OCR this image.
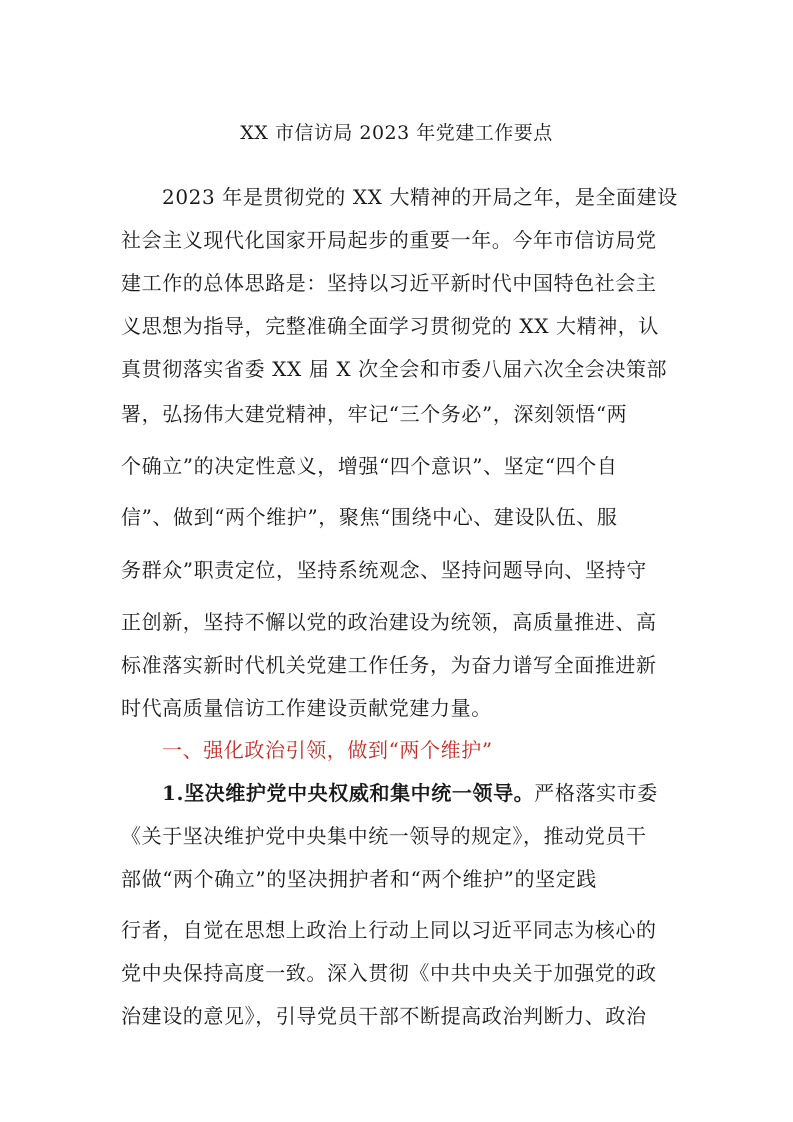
XX 市信访局 2023 年党建工作要点
2023 年是贯彻党的 XX 大精神的开局之年，是全面建设
社会主义现代化国家开局起步的重要一年。今年市信访局党
建工作的总体思路是：坚持以习近平新时代中国特色社会主
义思想为指导，完整准确全面学习贯彻党的 XX 大精神，认
真贯彻落实省委 XX 届 X 次全会和市委八届六次全会决策部
署，弘扬伟大建党精神，牢记“三个务必”，深刻领悟“两
个确立”的决定性意义，增强“四个意识”、坚定“四个自
信”、做到“两个维护”，聚焦“围绕中心、建设队伍、服
务群众”职责定位，坚持系统观念、坚持问题导向、坚持守
正创新，坚持不懈以党的政治建设为统领，高质量推进、高
标准落实新时代机关党建工作任务，为奋力谱写全面推进新
时代高质量信访工作建设贡献党建力量。
一、强化政治引领，做到“两个维护”
1.坚决维护党中央权威和集中统一领导。严格落实市委
《关于坚决维护党中央集中统一领导的规定》，推动党员干
部做“两个确立”的坚决拥护者和“两个维护”的坚定践
行者，自觉在思想上政治上行动上同以习近平同志为核心的
党中央保持高度一致。深入贯彻《中共中央关于加强党的政
治建设的意见》，引导党员干部不断提高政治判断力、政治
